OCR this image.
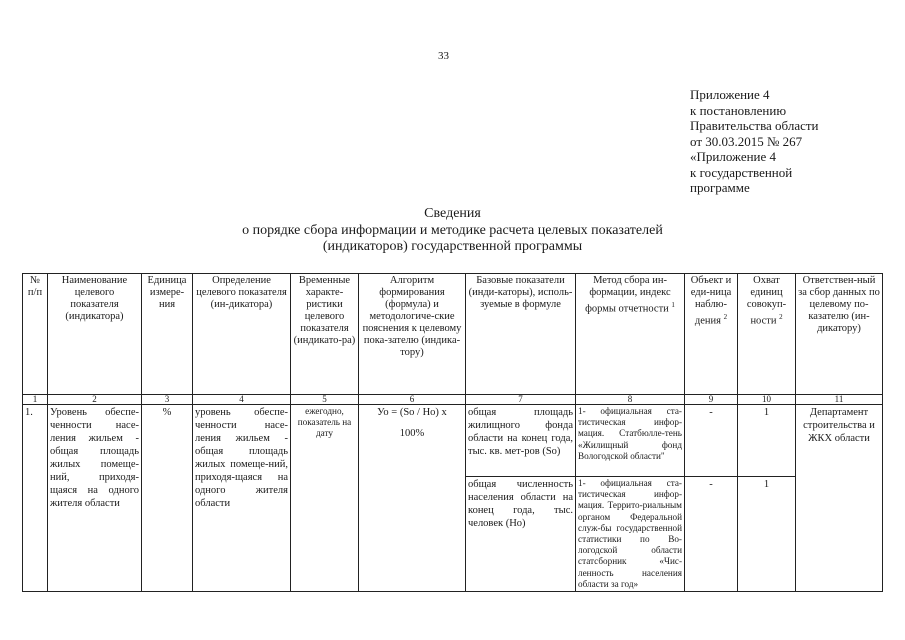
33
Приложение 4
к постановлению
Правительства области
от 30.03.2015 № 267
«Приложение 4
к государственной
программе
Сведения
о порядке сбора информации и методике расчета целевых показателей
(индикаторов) государственной программы
№ п/п	Наименование целевого показателя (индикатора)	Единица измере-ния	Определение целевого показателя (ин-дикатора)	Временные характе-ристики целевого показателя (индикато-ра)	Алгоритм формирования (формула) и методологиче-ские пояснения к целевому пока-зателю (индика-тору)	Базовые показатели (инди-каторы), исполь-зуемые в формуле	Метод сбора ин-формации, индекс формы отчетности $^1$	Объект и еди-ница наблю-дения $^2$	Охват единиц совокуп-ности $^2$	Ответствен-ный за сбор данных по целевому по-казателю (ин-дикатору)
1	2	3	4	5	6	7	8	9	10	11
1.	Уровень обеспе-ченности насе-ления жильем - общая площадь жилых помеще-ний, приходя-щаяся на одного жителя области	%	уровень обеспе-ченности насе-ления жильем - общая площадь жилых помеще-ний, приходя-щаяся на одного жителя области	ежегодно, показатель на дату	Уо = (Sо / Hо) х
100%	общая площадь жилищного фонда области на конец года, тыс. кв. мет-ров (Sо)	1- официальная ста-тистическая инфор-мация. Статбюлле-тень «Жилищный фонд Вологодской области"	-	1	Департамент строительства и ЖКХ области
						общая численность населения области на конец года, тыс. человек (Hо)	1- официальная ста-тистическая инфор-мация. Террито-риальным органом Федеральной служ-бы государственной статистики по Во-логодской области статсборник «Чис-ленность населения области за год»	-	1	
